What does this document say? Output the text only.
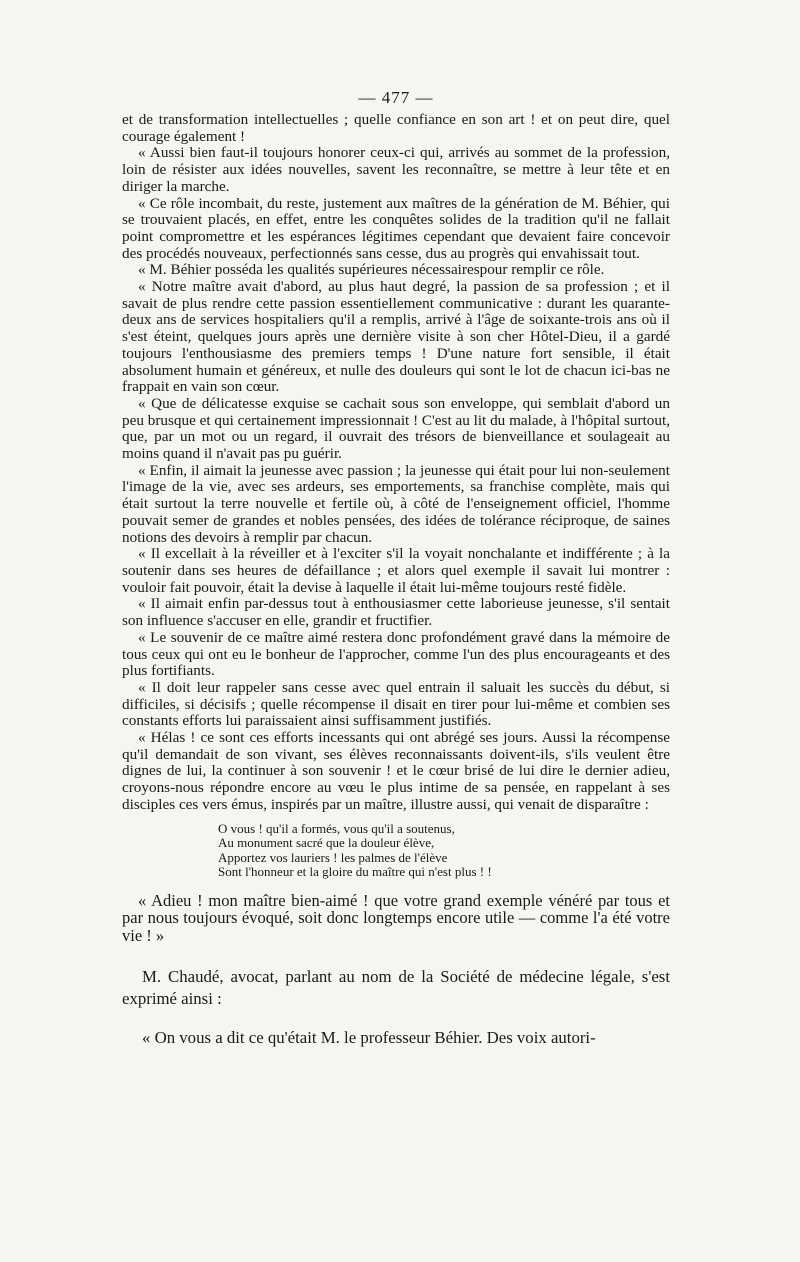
— 477 —

et de transformation intellectuelles ; quelle confiance en son art ! et on peut dire, quel courage également !

« Aussi bien faut-il toujours honorer ceux-ci qui, arrivés au sommet de la profession, loin de résister aux idées nouvelles, savent les reconnaître, se mettre à leur tête et en diriger la marche.

« Ce rôle incombait, du reste, justement aux maîtres de la génération de M. Béhier, qui se trouvaient placés, en effet, entre les conquêtes solides de la tradition qu'il ne fallait point compromettre et les espérances légitimes cependant que devaient faire concevoir des procédés nouveaux, perfectionnés sans cesse, dus au progrès qui envahissait tout.

« M. Béhier posséda les qualités supérieures nécessairespour remplir ce rôle.

« Notre maître avait d'abord, au plus haut degré, la passion de sa profession ; et il savait de plus rendre cette passion essentiellement communicative : durant les quarante-deux ans de services hospitaliers qu'il a remplis, arrivé à l'âge de soixante-trois ans où il s'est éteint, quelques jours après une dernière visite à son cher Hôtel-Dieu, il a gardé toujours l'enthousiasme des premiers temps ! D'une nature fort sensible, il était absolument humain et généreux, et nulle des douleurs qui sont le lot de chacun ici-bas ne frappait en vain son cœur.

« Que de délicatesse exquise se cachait sous son enveloppe, qui semblait d'abord un peu brusque et qui certainement impressionnait ! C'est au lit du malade, à l'hôpital surtout, que, par un mot ou un regard, il ouvrait des trésors de bienveillance et soulageait au moins quand il n'avait pas pu guérir.

« Enfin, il aimait la jeunesse avec passion ; la jeunesse qui était pour lui non-seulement l'image de la vie, avec ses ardeurs, ses emportements, sa franchise complète, mais qui était surtout la terre nouvelle et fertile où, à côté de l'enseignement officiel, l'homme pouvait semer de grandes et nobles pensées, des idées de tolérance réciproque, de saines notions des devoirs à remplir par chacun.

« Il excellait à la réveiller et à l'exciter s'il la voyait nonchalante et indifférente ; à la soutenir dans ses heures de défaillance ; et alors quel exemple il savait lui montrer : vouloir fait pouvoir, était la devise à laquelle il était lui-même toujours resté fidèle.

« Il aimait enfin par-dessus tout à enthousiasmer cette laborieuse jeunesse, s'il sentait son influence s'accuser en elle, grandir et fructifier.

« Le souvenir de ce maître aimé restera donc profondément gravé dans la mémoire de tous ceux qui ont eu le bonheur de l'approcher, comme l'un des plus encourageants et des plus fortifiants.

« Il doit leur rappeler sans cesse avec quel entrain il saluait les succès du début, si difficiles, si décisifs ; quelle récompense il disait en tirer pour lui-même et combien ses constants efforts lui paraissaient ainsi suffisamment justifiés.

« Hélas ! ce sont ces efforts incessants qui ont abrégé ses jours. Aussi la récompense qu'il demandait de son vivant, ses élèves reconnaissants doivent-ils, s'ils veulent être dignes de lui, la continuer à son souvenir ! et le cœur brisé de lui dire le dernier adieu, croyons-nous répondre encore au vœu le plus intime de sa pensée, en rappelant à ses disciples ces vers émus, inspirés par un maître, illustre aussi, qui venait de disparaître :

O vous ! qu'il a formés, vous qu'il a soutenus,
Au monument sacré que la douleur élève,
Apportez vos lauriers ! les palmes de l'élève
Sont l'honneur et la gloire du maître qui n'est plus ! !

« Adieu ! mon maître bien-aimé ! que votre grand exemple vénéré par tous et par nous toujours évoqué, soit donc longtemps encore utile — comme l'a été votre vie ! »

M. Chaudé, avocat, parlant au nom de la Société de médecine légale, s'est exprimé ainsi :

« On vous a dit ce qu'était M. le professeur Béhier. Des voix autori-
